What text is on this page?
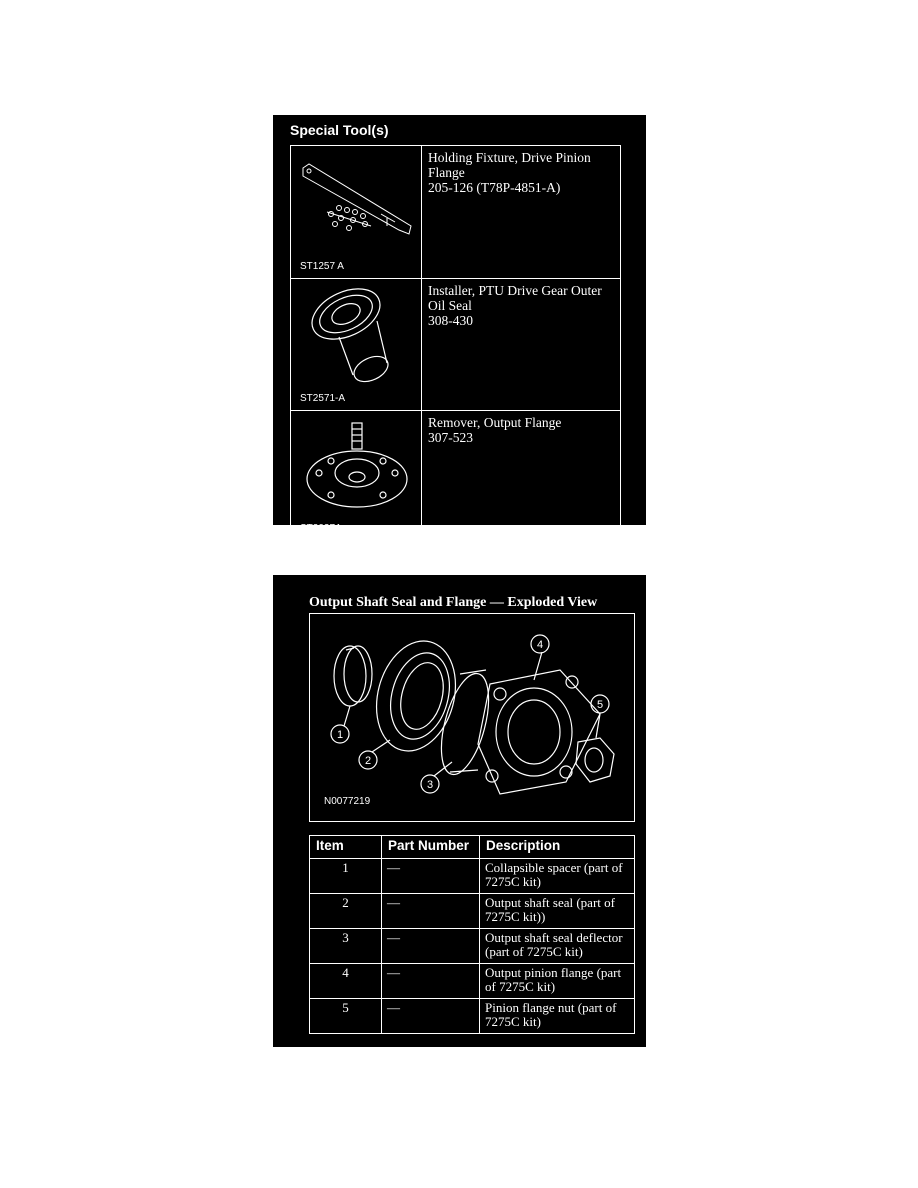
Special Tool(s)
ST1257 A	Holding Fixture, Drive Pinion
Flange
205-126 (T78P-4851-A)

ST2571-A	Installer, PTU Drive Gear Outer
Oil Seal
308-430

ST2037A	Remover, Output Flange
307-523
Output Shaft Seal and Flange — Exploded View
1
2
3
4
5
N0077219
Item	Part Number	Description
1	—	Collapsible spacer (part of 7275C kit)
2	—	Output shaft seal (part of 7275C kit))
3	—	Output shaft seal deflector (part of 7275C kit)
4	—	Output pinion flange (part of 7275C kit)
5	—	Pinion flange nut (part of 7275C kit)
